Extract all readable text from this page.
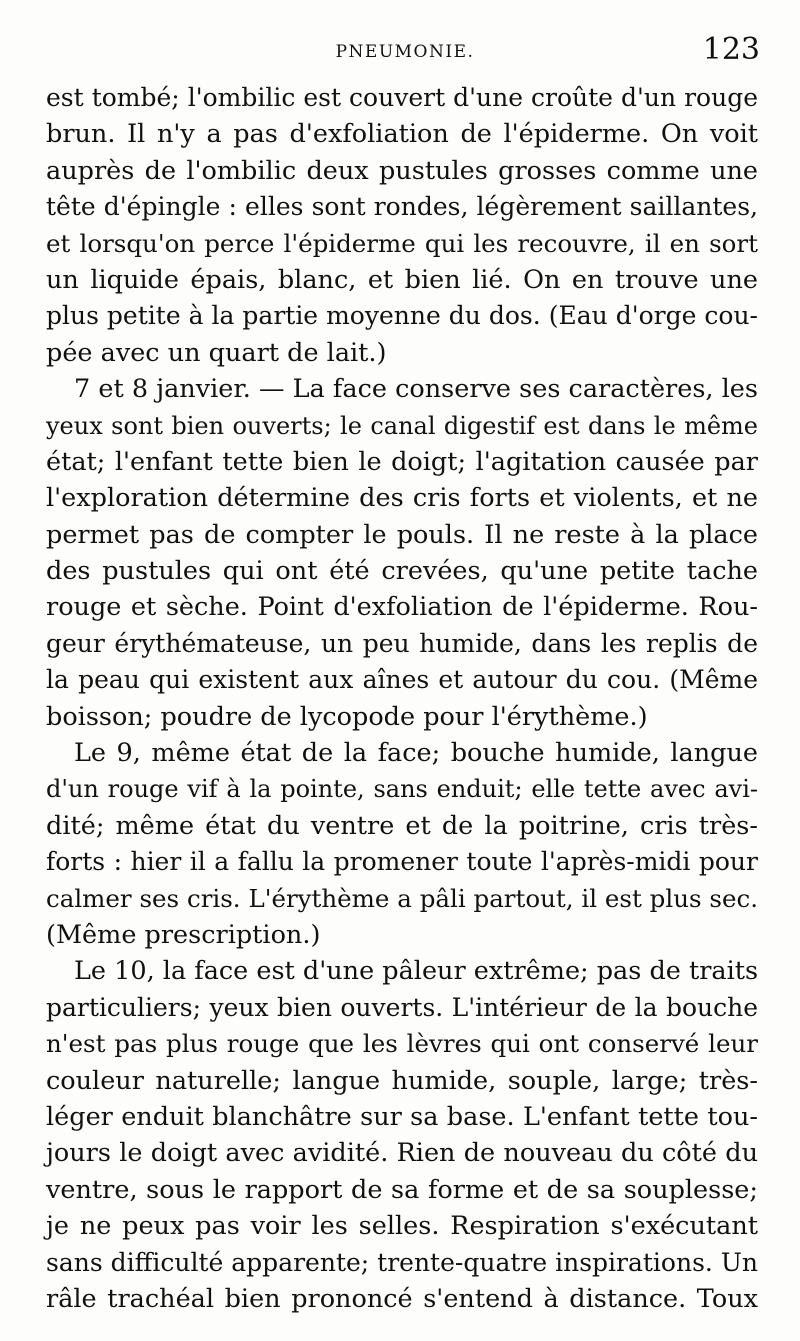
PNEUMONIE.	123
est tombé; l'ombilic est couvert d'une croûte d'un rouge
brun. Il n'y a pas d'exfoliation de l'épiderme. On voit
auprès de l'ombilic deux pustules grosses comme une
tête d'épingle : elles sont rondes, légèrement saillantes,
et lorsqu'on perce l'épiderme qui les recouvre, il en sort
un liquide épais, blanc, et bien lié. On en trouve une
plus petite à la partie moyenne du dos. (Eau d'orge cou-
pée avec un quart de lait.)
7 et 8 janvier. — La face conserve ses caractères, les
yeux sont bien ouverts; le canal digestif est dans le même
état; l'enfant tette bien le doigt; l'agitation causée par
l'exploration détermine des cris forts et violents, et ne
permet pas de compter le pouls. Il ne reste à la place
des pustules qui ont été crevées, qu'une petite tache
rouge et sèche. Point d'exfoliation de l'épiderme. Rou-
geur érythémateuse, un peu humide, dans les replis de
la peau qui existent aux aînes et autour du cou. (Même
boisson; poudre de lycopode pour l'érythème.)
Le 9, même état de la face; bouche humide, langue
d'un rouge vif à la pointe, sans enduit; elle tette avec avi-
dité; même état du ventre et de la poitrine, cris très-
forts : hier il a fallu la promener toute l'après-midi pour
calmer ses cris. L'érythème a pâli partout, il est plus sec.
(Même prescription.)
Le 10, la face est d'une pâleur extrême; pas de traits
particuliers; yeux bien ouverts. L'intérieur de la bouche
n'est pas plus rouge que les lèvres qui ont conservé leur
couleur naturelle; langue humide, souple, large; très-
léger enduit blanchâtre sur sa base. L'enfant tette tou-
jours le doigt avec avidité. Rien de nouveau du côté du
ventre, sous le rapport de sa forme et de sa souplesse;
je ne peux pas voir les selles. Respiration s'exécutant
sans difficulté apparente; trente-quatre inspirations. Un
râle trachéal bien prononcé s'entend à distance. Toux
